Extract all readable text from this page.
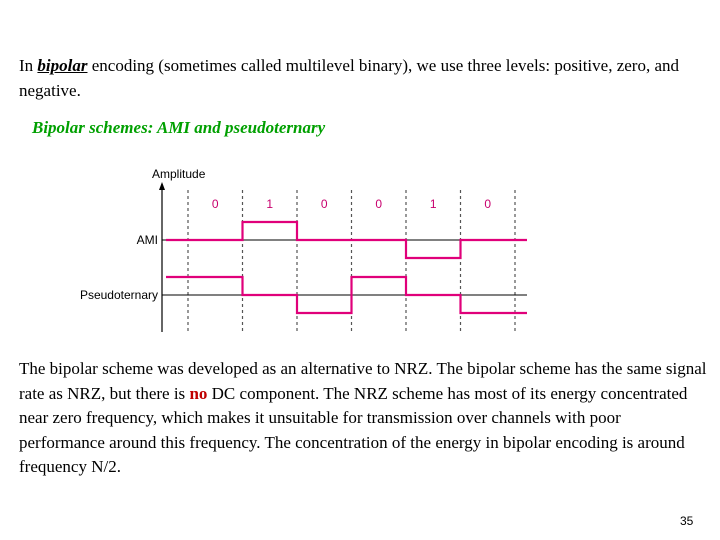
In bipolar encoding (sometimes called multilevel binary), we use three levels: positive, zero, and negative.

Bipolar schemes: AMI and pseudoternary

AMI
Pseudoternary
0	1	0	0	1	0
Amplitude

The bipolar scheme was developed as an alternative to NRZ. The bipolar scheme has the same signal rate as NRZ, but there is no DC component. The NRZ scheme has most of its energy concentrated near zero frequency, which makes it unsuitable for transmission over channels with poor performance around this frequency. The concentration of the energy in bipolar encoding is around frequency N/2.

35
